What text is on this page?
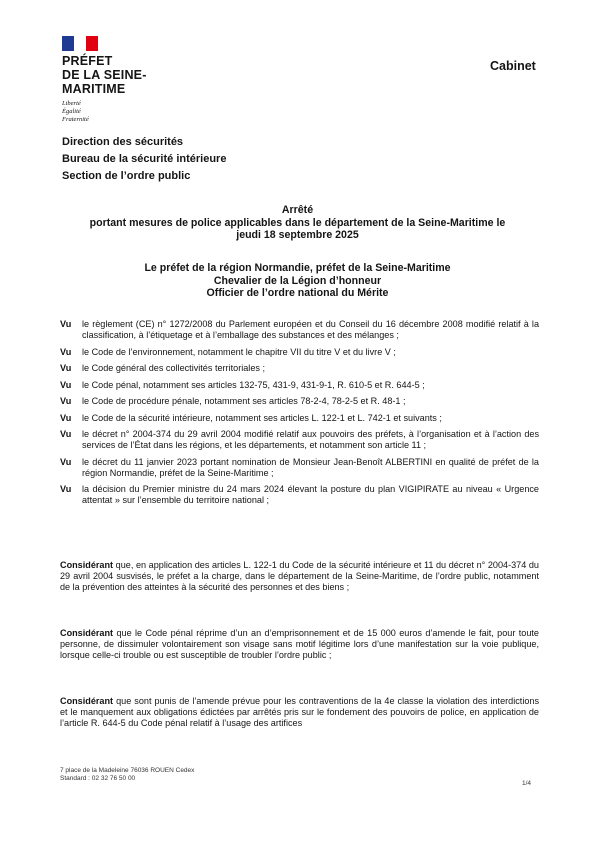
PRÉFET
DE LA SEINE-
MARITIME
Liberté
Égalité
Fraternité
Cabinet
Direction des sécurités
Bureau de la sécurité intérieure
Section de l’ordre public
Arrêté
portant mesures de police applicables dans le département de la Seine-Maritime le
jeudi 18 septembre 2025
Le préfet de la région Normandie, préfet de la Seine-Maritime
Chevalier de la Légion d’honneur
Officier de l’ordre national du Mérite
Vu	le règlement (CE) n° 1272/2008 du Parlement européen et du Conseil du 16 décembre 2008 modifié relatif à la classification, à l’étiquetage et à l’emballage des substances et des mélanges ;
Vu	le Code de l’environnement, notamment le chapitre VII du titre V et du livre V ;
Vu	le Code général des collectivités territoriales ;
Vu	le Code pénal, notamment ses articles 132-75, 431-9, 431-9-1, R. 610-5 et R. 644-5 ;
Vu	le Code de procédure pénale, notamment ses articles 78-2-4, 78-2-5 et R. 48-1 ;
Vu	le Code de la sécurité intérieure, notamment ses articles L. 122-1 et L. 742-1 et suivants ;
Vu	le décret n° 2004-374 du 29 avril 2004 modifié relatif aux pouvoirs des préfets, à l’organisation et à l’action des services de l’État dans les régions, et les départements, et notamment son article 11 ;
Vu	le décret du 11 janvier 2023 portant nomination de Monsieur Jean-Benoît ALBERTINI en qualité de préfet de la région Normandie, préfet de la Seine-Maritime ;
Vu	la décision du Premier ministre du 24 mars 2024 élevant la posture du plan VIGIPIRATE au niveau « Urgence attentat » sur l’ensemble du territoire national ;

Considérant que, en application des articles L. 122-1 du Code de la sécurité intérieure et 11 du décret n° 2004-374 du 29 avril 2004 susvisés, le préfet a la charge, dans le département de la Seine-Maritime, de l’ordre public, notamment de la prévention des atteintes à la sécurité des personnes et des biens ;

Considérant que le Code pénal réprime d’un an d’emprisonnement et de 15 000 euros d’amende le fait, pour toute personne, de dissimuler volontairement son visage sans motif légitime lors d’une manifestation sur la voie publique, lorsque celle-ci trouble ou est susceptible de troubler l’ordre public ;

Considérant que sont punis de l’amende prévue pour les contraventions de la 4e classe la violation des interdictions et le manquement aux obligations édictées par arrêtés pris sur le fondement des pouvoirs de police, en application de l’article R. 644-5 du Code pénal relatif à l’usage des artifices

7 place de la Madeleine 76036 ROUEN Cedex
Standard : 02 32 76 50 00
1/4
